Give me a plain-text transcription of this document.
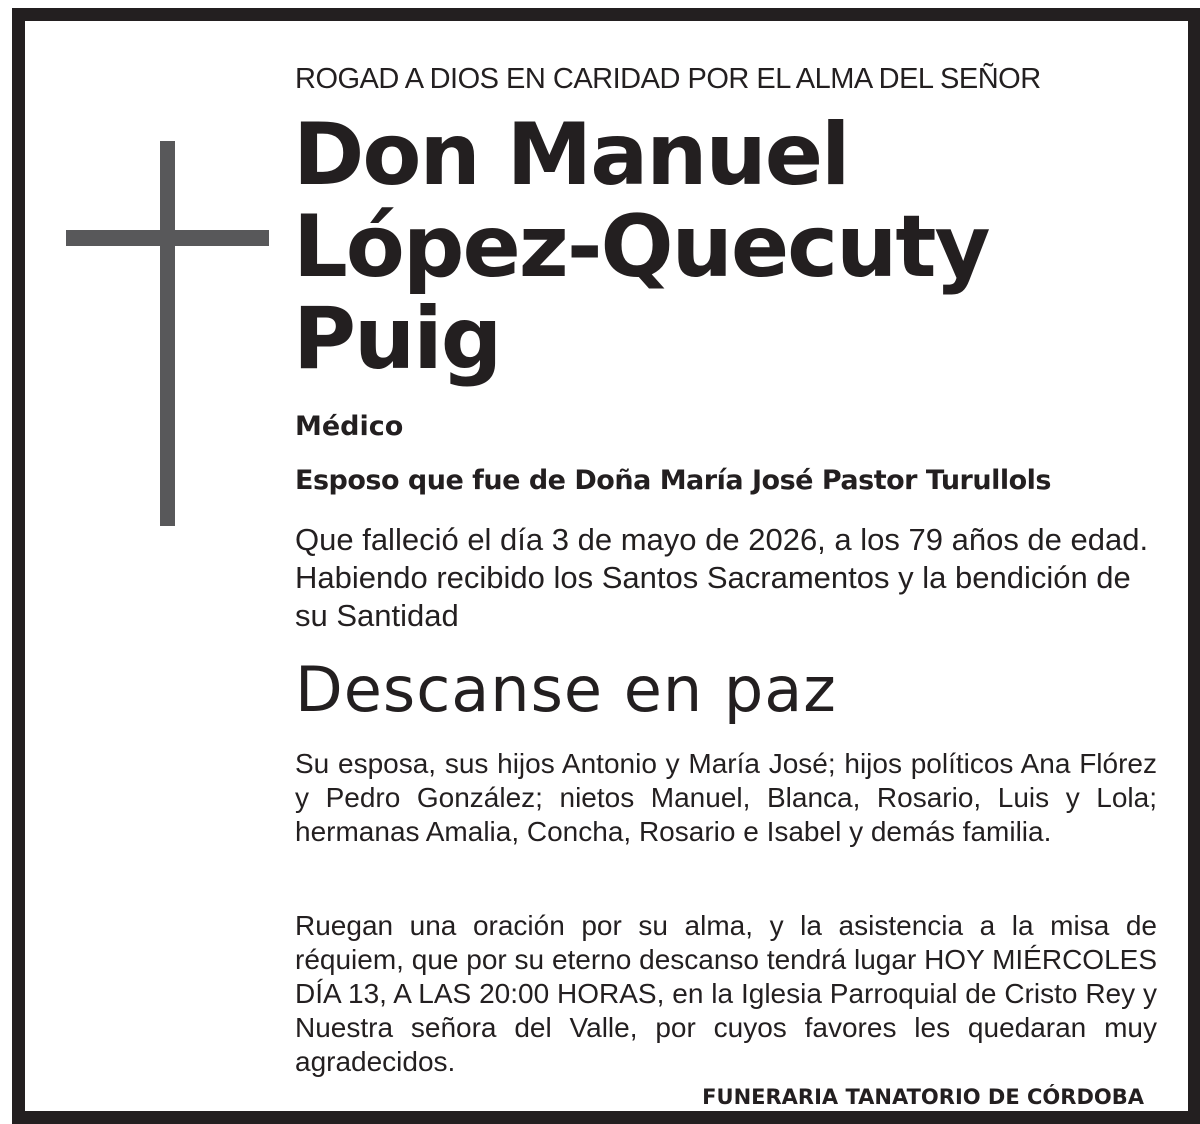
ROGAD A DIOS EN CARIDAD POR EL ALMA DEL SEÑOR
Don Manuel
López-Quecuty
Puig
Médico
Esposo que fue de Doña María José Pastor Turullols
Que falleció el día 3 de mayo de 2026, a los 79 años de edad. Habiendo recibido los Santos Sacramentos y la bendición de su Santidad
Descanse en paz
Su esposa, sus hijos Antonio y María José; hijos políticos Ana Flórez y Pedro González; nietos Manuel, Blanca, Rosario, Luis y Lola; hermanas Amalia, Concha, Rosario e Isabel y demás familia.
Ruegan una oración por su alma, y la asistencia a la misa de réquiem, que por su eterno descanso tendrá lugar HOY MIÉRCOLES DÍA 13, A LAS 20:00 HORAS, en la Iglesia Parroquial de Cristo Rey y Nuestra señora del Valle, por cuyos favores les quedaran muy agradecidos.
FUNERARIA TANATORIO DE CÓRDOBA
